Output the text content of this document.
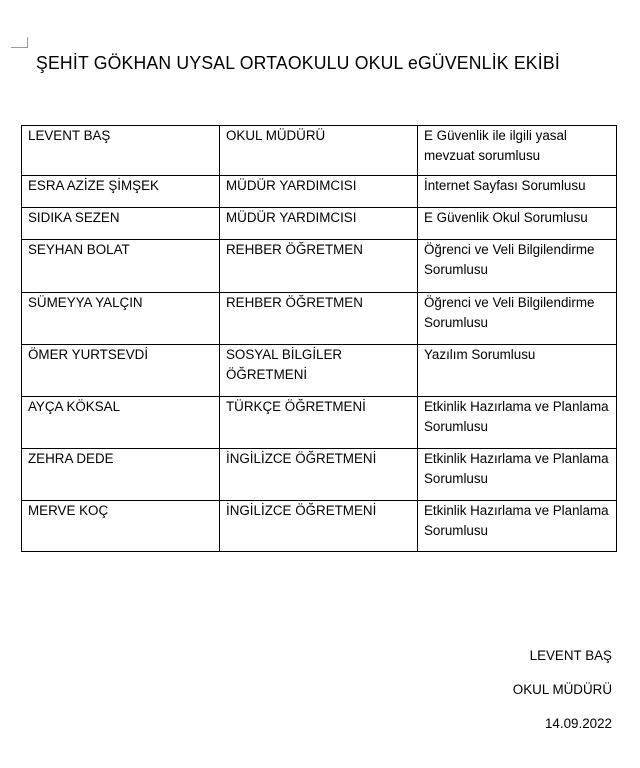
ŞEHİT GÖKHAN UYSAL ORTAOKULU OKUL eGÜVENLİK EKİBİ
LEVENT BAŞ	OKUL MÜDÜRÜ	E Güvenlik ile ilgili yasal mevzuat sorumlusu
ESRA AZİZE ŞİMŞEK	MÜDÜR YARDIMCISI	İnternet Sayfası Sorumlusu
SIDIKA SEZEN	MÜDÜR YARDIMCISI	E Güvenlik Okul Sorumlusu
SEYHAN BOLAT	REHBER ÖĞRETMEN	Öğrenci ve Veli Bilgilendirme Sorumlusu
SÜMEYYA YALÇIN	REHBER ÖĞRETMEN	Öğrenci ve Veli Bilgilendirme Sorumlusu
ÖMER YURTSEVDİ	SOSYAL BİLGİLER ÖĞRETMENİ	Yazılım Sorumlusu
AYÇA KÖKSAL	TÜRKÇE ÖĞRETMENİ	Etkinlik Hazırlama ve Planlama Sorumlusu
ZEHRA DEDE	İNGİLİZCE ÖĞRETMENİ	Etkinlik Hazırlama ve Planlama Sorumlusu
MERVE KOÇ	İNGİLİZCE ÖĞRETMENİ	Etkinlik Hazırlama ve Planlama Sorumlusu
LEVENT BAŞ
OKUL MÜDÜRÜ
14.09.2022
